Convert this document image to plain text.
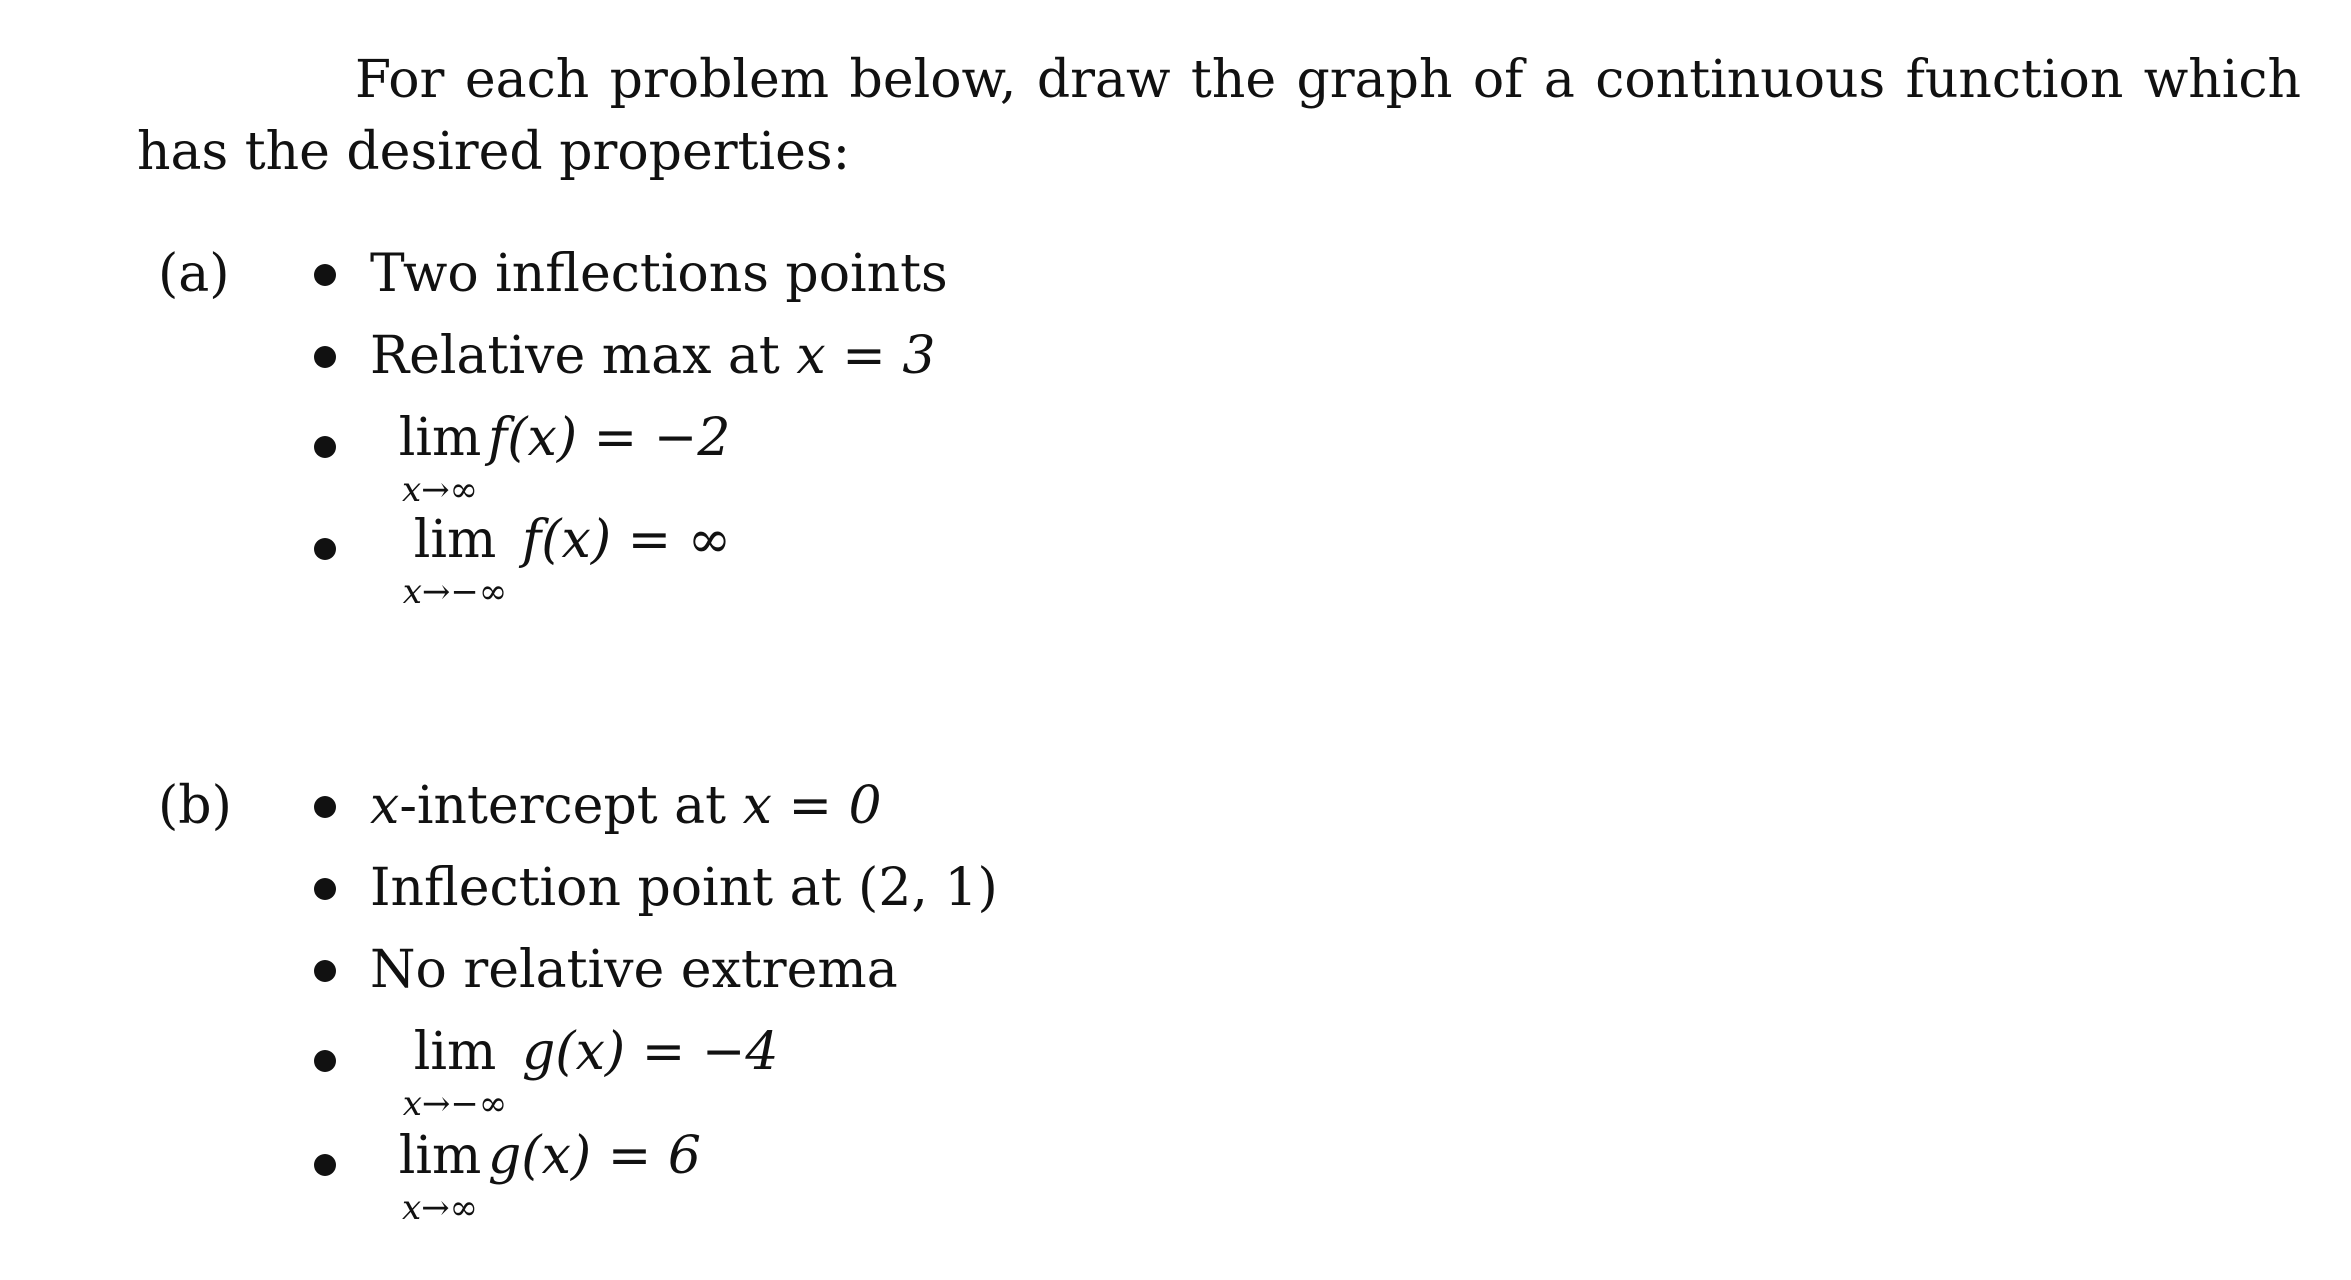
For each problem below, draw the graph of a continuous function which has the desired properties:
(a)	Two inflections points
Relative max at x = 3
lim
x→∞
f(x) = −2
lim
x→−∞
f(x) = ∞
(b)	x-intercept at x = 0
Inflection point at (2, 1)
No relative extrema
lim
x→−∞
g(x) = −4
lim
x→∞
g(x) = 6
